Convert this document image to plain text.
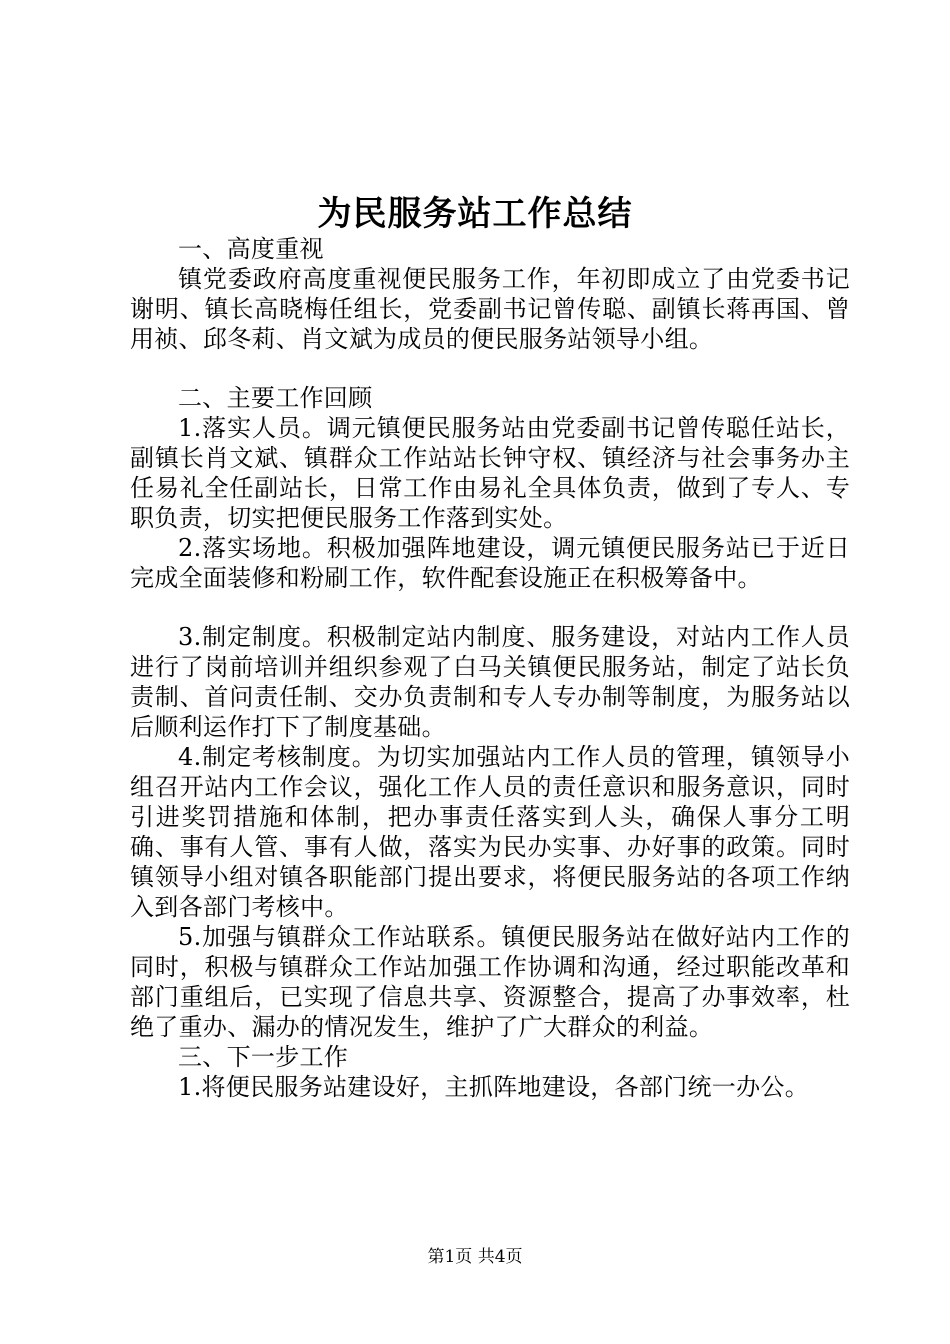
为民服务站工作总结

一、高度重视

镇党委政府高度重视便民服务工作，年初即成立了由党委书记谢明、镇长高晓梅任组长，党委副书记曾传聪、副镇长蒋再国、曾用祯、邱冬莉、肖文斌为成员的便民服务站领导小组。

二、主要工作回顾

1.落实人员。调元镇便民服务站由党委副书记曾传聪任站长，副镇长肖文斌、镇群众工作站站长钟守权、镇经济与社会事务办主任易礼全任副站长，日常工作由易礼全具体负责，做到了专人、专职负责，切实把便民服务工作落到实处。

2.落实场地。积极加强阵地建设，调元镇便民服务站已于近日完成全面装修和粉刷工作，软件配套设施正在积极筹备中。

3.制定制度。积极制定站内制度、服务建设，对站内工作人员进行了岗前培训并组织参观了白马关镇便民服务站，制定了站长负责制、首问责任制、交办负责制和专人专办制等制度，为服务站以后顺利运作打下了制度基础。

4.制定考核制度。为切实加强站内工作人员的管理，镇领导小组召开站内工作会议，强化工作人员的责任意识和服务意识，同时引进奖罚措施和体制，把办事责任落实到人头，确保人事分工明确、事有人管、事有人做，落实为民办实事、办好事的政策。同时镇领导小组对镇各职能部门提出要求，将便民服务站的各项工作纳入到各部门考核中。

5.加强与镇群众工作站联系。镇便民服务站在做好站内工作的同时，积极与镇群众工作站加强工作协调和沟通，经过职能改革和部门重组后，已实现了信息共享、资源整合，提高了办事效率，杜绝了重办、漏办的情况发生，维护了广大群众的利益。

三、下一步工作

1.将便民服务站建设好，主抓阵地建设，各部门统一办公。

第1页 共4页
